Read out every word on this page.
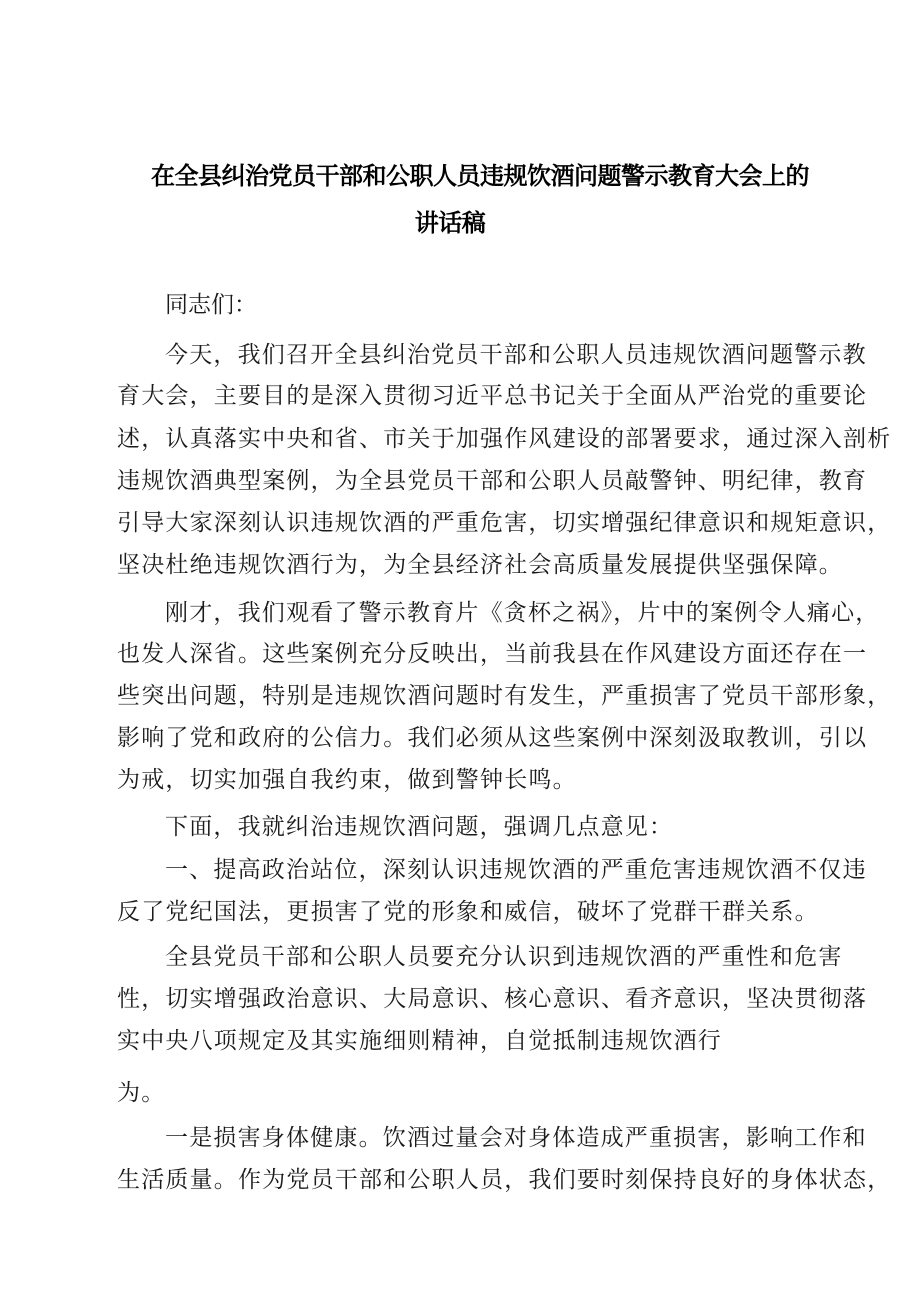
在全县纠治党员干部和公职人员违规饮酒问题警示教育大会上的
讲话稿
同志们：
今天，我们召开全县纠治党员干部和公职人员违规饮酒问题警示教
育大会，主要目的是深入贯彻习近平总书记关于全面从严治党的重要论
述，认真落实中央和省、市关于加强作风建设的部署要求，通过深入剖析
违规饮酒典型案例，为全县党员干部和公职人员敲警钟、明纪律，教育
引导大家深刻认识违规饮酒的严重危害，切实增强纪律意识和规矩意识，
坚决杜绝违规饮酒行为，为全县经济社会高质量发展提供坚强保障。
刚才，我们观看了警示教育片《贪杯之祸》，片中的案例令人痛心，
也发人深省。这些案例充分反映出，当前我县在作风建设方面还存在一
些突出问题，特别是违规饮酒问题时有发生，严重损害了党员干部形象，
影响了党和政府的公信力。我们必须从这些案例中深刻汲取教训，引以
为戒，切实加强自我约束，做到警钟长鸣。
下面，我就纠治违规饮酒问题，强调几点意见：
一、提高政治站位，深刻认识违规饮酒的严重危害违规饮酒不仅违
反了党纪国法，更损害了党的形象和威信，破坏了党群干群关系。
全县党员干部和公职人员要充分认识到违规饮酒的严重性和危害
性，切实增强政治意识、大局意识、核心意识、看齐意识，坚决贯彻落
实中央八项规定及其实施细则精神，自觉抵制违规饮酒行
为。
一是损害身体健康。饮酒过量会对身体造成严重损害，影响工作和
生活质量。作为党员干部和公职人员，我们要时刻保持良好的身体状态，
